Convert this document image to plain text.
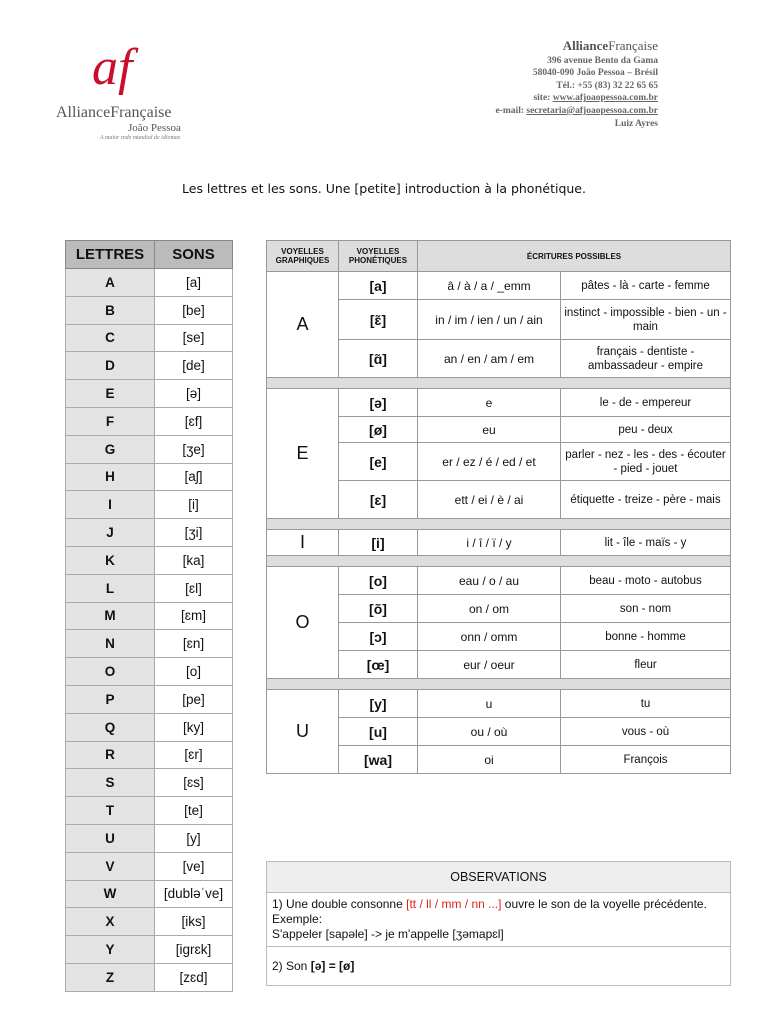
af
AllianceFrançaise
João Pessoa
A maior rede mundial de idiomas
AllianceFrançaise
396 avenue Bento da Gama
58040-090 João Pessoa – Brésil
Tél.: +55 (83) 32 22 65 65
site: www.afjoaopessoa.com.br
e-mail: secretaria@afjoaopessoa.com.br
Luiz Ayres
Les lettres et les sons. Une [petite] introduction à la phonétique.
LETTRES	SONS
A	[a]
B	[be]
C	[se]
D	[de]
E	[ə]
F	[ɛf]
G	[ʒe]
H	[aʃ]
I	[i]
J	[ʒi]
K	[ka]
L	[ɛl]
M	[ɛm]
N	[ɛn]
O	[o]
P	[pe]
Q	[ky]
R	[ɛr]
S	[ɛs]
T	[te]
U	[y]
V	[ve]
W	[dubləˈve]
X	[iks]
Y	[igrɛk]
Z	[zɛd]
VOYELLES GRAPHIQUES	VOYELLES PHONÉTIQUES	ÉCRITURES POSSIBLES	
A	[a]	â / à / a / _emm	pâtes - là - carte - femme
	[ɛ̃]	in / im / ien / un / ain	instinct - impossible - bien - un - main
	[ɑ̃]	an / en / am / em	français - dentiste - ambassadeur - empire

E	[ə]	e	le - de - empereur
	[ø]	eu	peu - deux
	[e]	er / ez / é / ed / et	parler - nez - les - des - écouter - pied - jouet
	[ɛ]	ett / ei / è / ai	étiquette - treize - père - mais

I	[i]	i / î / ï / y	lit - île - maïs - y

O	[o]	eau / o / au	beau - moto - autobus
	[õ]	on / om	son - nom
	[ɔ]	onn / omm	bonne - homme
	[œ]	eur / oeur	fleur

U	[y]	u	tu
	[u]	ou / où	vous - où
	[wa]	oi	François
OBSERVATIONS
1) Une double consonne [tt / ll / mm / nn ...] ouvre le son de la voyelle précédente.
Exemple:
S'appeler [sapəle] -> je m'appelle [ʒəmapɛl]
2) Son [ə] = [ø]
